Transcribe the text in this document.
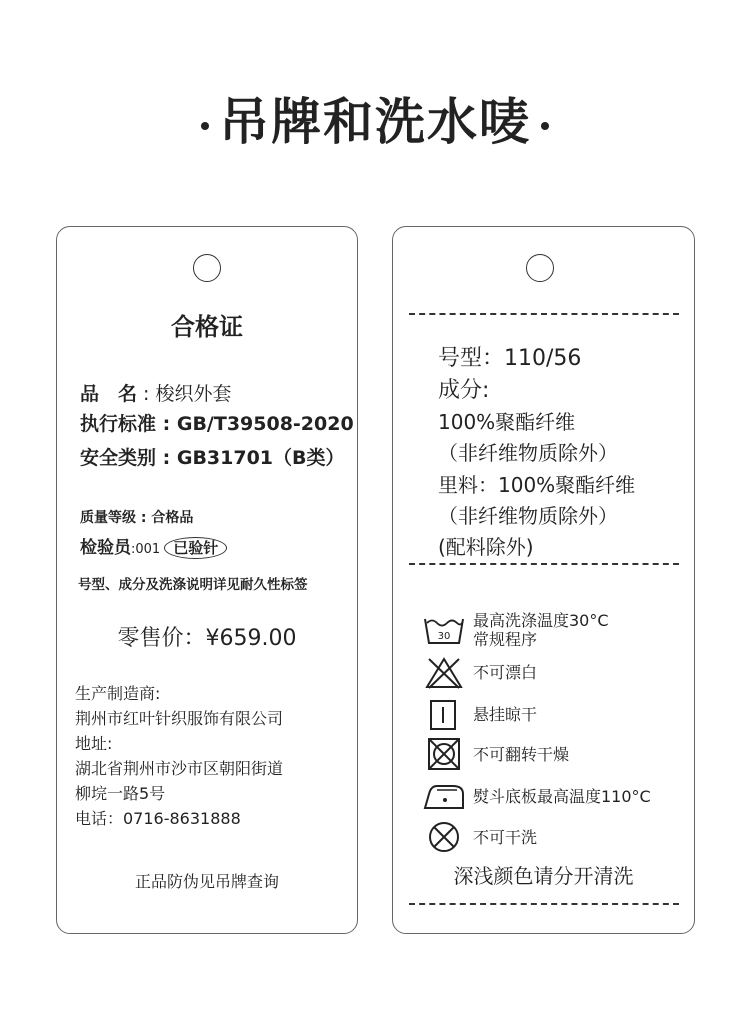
吊牌和洗水唛
合格证
品　名 : 梭织外套
执行标准 : GB/T39508-2020
安全类别 : GB31701（B类）
质量等级 : 合格品
检验员:001 已验针
号型、成分及洗涤说明详见耐久性标签
零售价：¥659.00
生产制造商:
荆州市红叶针织服饰有限公司
地址:
湖北省荆州市沙市区朝阳街道
柳垸一路5号
电话：0716-8631888
正品防伪见吊牌查询
号型：110/56
成分:
100%聚酯纤维
（非纤维物质除外）
里料：100%聚酯纤维
（非纤维物质除外）
(配料除外)
30
最高洗涤温度30°C
常规程序
不可漂白
悬挂晾干
不可翻转干燥
熨斗底板最高温度110°C
不可干洗
深浅颜色请分开清洗
